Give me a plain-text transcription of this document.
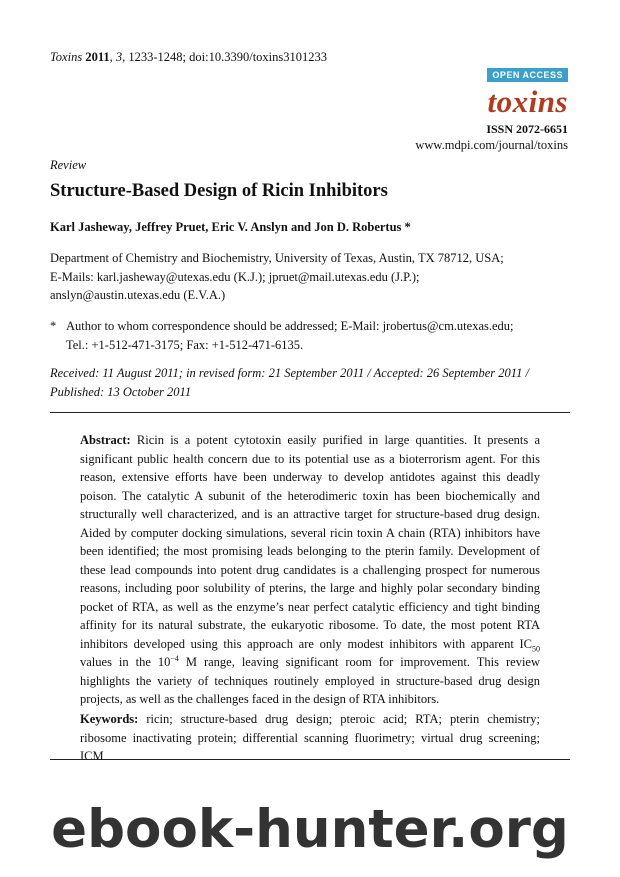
Toxins 2011, 3, 1233-1248; doi:10.3390/toxins3101233
OPEN ACCESS
toxins
ISSN 2072-6651
www.mdpi.com/journal/toxins
Review
Structure-Based Design of Ricin Inhibitors
Karl Jasheway, Jeffrey Pruet, Eric V. Anslyn and Jon D. Robertus *
Department of Chemistry and Biochemistry, University of Texas, Austin, TX 78712, USA;
E-Mails: karl.jasheway@utexas.edu (K.J.); jpruet@mail.utexas.edu (J.P.);
anslyn@austin.utexas.edu (E.V.A.)
* Author to whom correspondence should be addressed; E-Mail: jrobertus@cm.utexas.edu;
Tel.: +1-512-471-3175; Fax: +1-512-471-6135.
Received: 11 August 2011; in revised form: 21 September 2011 / Accepted: 26 September 2011 /
Published: 13 October 2011
Abstract: Ricin is a potent cytotoxin easily purified in large quantities. It presents a significant public health concern due to its potential use as a bioterrorism agent. For this reason, extensive efforts have been underway to develop antidotes against this deadly poison. The catalytic A subunit of the heterodimeric toxin has been biochemically and structurally well characterized, and is an attractive target for structure-based drug design. Aided by computer docking simulations, several ricin toxin A chain (RTA) inhibitors have been identified; the most promising leads belonging to the pterin family. Development of these lead compounds into potent drug candidates is a challenging prospect for numerous reasons, including poor solubility of pterins, the large and highly polar secondary binding pocket of RTA, as well as the enzyme’s near perfect catalytic efficiency and tight binding affinity for its natural substrate, the eukaryotic ribosome. To date, the most potent RTA inhibitors developed using this approach are only modest inhibitors with apparent $IC_{50}$ values in the $10^{-4}$ M range, leaving significant room for improvement. This review highlights the variety of techniques routinely employed in structure-based drug design projects, as well as the challenges faced in the design of RTA inhibitors.
Keywords: ricin; structure-based drug design; pteroic acid; RTA; pterin chemistry; ribosome inactivating protein; differential scanning fluorimetry; virtual drug screening; ICM
ebook-hunter.org
